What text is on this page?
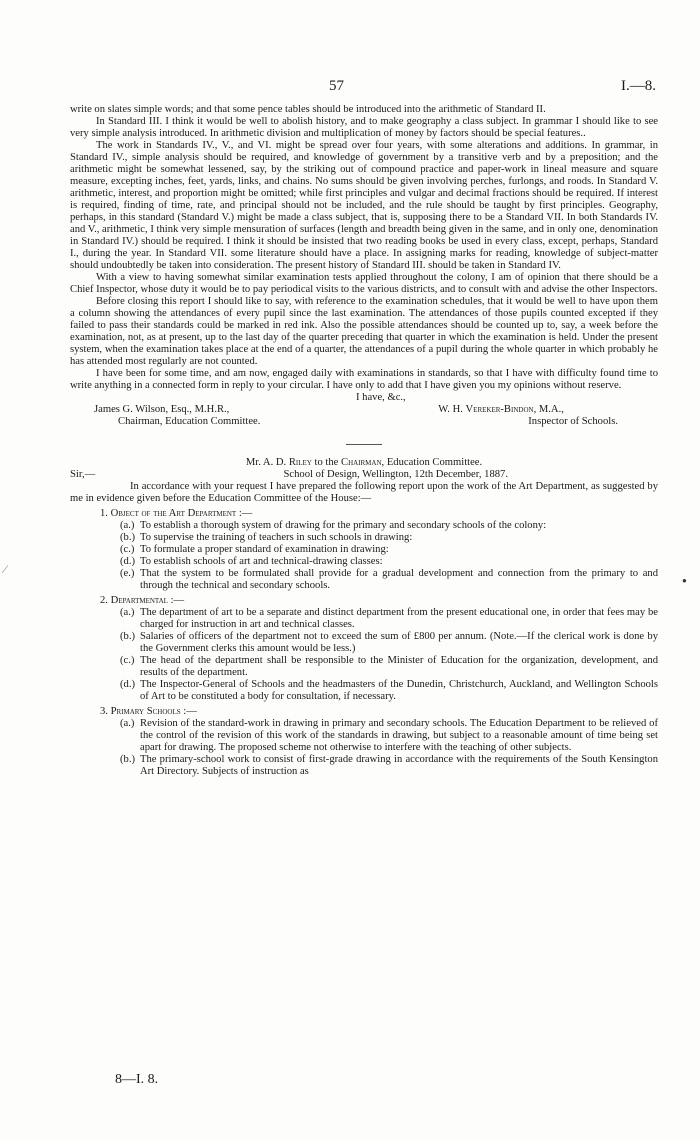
57	I.—8.

write on slates simple words; and that some pence tables should be introduced into the arithmetic of Standard II.

In Standard III. I think it would be well to abolish history, and to make geography a class subject. In grammar I should like to see very simple analysis introduced. In arithmetic division and multiplication of money by factors should be special features..

The work in Standards IV., V., and VI. might be spread over four years, with some alterations and additions. In grammar, in Standard IV., simple analysis should be required, and knowledge of government by a transitive verb and by a preposition; and the arithmetic might be somewhat lessened, say, by the striking out of compound practice and paper-work in lineal measure and square measure, excepting inches, feet, yards, links, and chains. No sums should be given involving perches, furlongs, and roods. In Standard V. arithmetic, interest, and proportion might be omitted; while first principles and vulgar and decimal fractions should be required. If interest is required, finding of time, rate, and principal should not be included, and the rule should be taught by first principles. Geography, perhaps, in this standard (Standard V.) might be made a class subject, that is, supposing there to be a Standard VII. In both Standards IV. and V., arithmetic, I think very simple mensuration of surfaces (length and breadth being given in the same, and in only one, denomination in Standard IV.) should be required. I think it should be insisted that two reading books be used in every class, except, perhaps, Standard I., during the year. In Standard VII. some literature should have a place. In assigning marks for reading, knowledge of subject-matter should undoubtedly be taken into consideration. The present history of Standard III. should be taken in Standard IV.

With a view to having somewhat similar examination tests applied throughout the colony, I am of opinion that there should be a Chief Inspector, whose duty it would be to pay periodical visits to the various districts, and to consult with and advise the other Inspectors.

Before closing this report I should like to say, with reference to the examination schedules, that it would be well to have upon them a column showing the attendances of every pupil since the last examination. The attendances of those pupils counted excepted if they failed to pass their standards could be marked in red ink. Also the possible attendances should be counted up to, say, a week before the examination, not, as at present, up to the last day of the quarter preceding that quarter in which the examination is held. Under the present system, when the examination takes place at the end of a quarter, the attendances of a pupil during the whole quarter in which probably he has attended most regularly are not counted.

I have been for some time, and am now, engaged daily with examinations in standards, so that I have with difficulty found time to write anything in a connected form in reply to your circular. I have only to add that I have given you my opinions without reserve.

I have, &c.,
James G. Wilson, Esq., M.H.R.,
Chairman, Education Committee.
W. H. Vereker-Bindon, M.A.,
Inspector of Schools.
Mr. A. D. Riley to the Chairman, Education Committee.
Sir,—	School of Design, Wellington, 12th December, 1887.

In accordance with your request I have prepared the following report upon the work of the Art Department, as suggested by me in evidence given before the Education Committee of the House:—

1. Object of the Art Department :—
(a.) To establish a thorough system of drawing for the primary and secondary schools of the colony:
(b.) To supervise the training of teachers in such schools in drawing:
(c.) To formulate a proper standard of examination in drawing:
(d.) To establish schools of art and technical-drawing classes:
(e.) That the system to be formulated shall provide for a gradual development and connection from the primary to and through the technical and secondary schools.
2. Departmental :—
(a.) The department of art to be a separate and distinct department from the present educational one, in order that fees may be charged for instruction in art and technical classes.
(b.) Salaries of officers of the department not to exceed the sum of £800 per annum. (Note.—If the clerical work is done by the Government clerks this amount would be less.)
(c.) The head of the department shall be responsible to the Minister of Education for the organization, development, and results of the department.
(d.) The Inspector-General of Schools and the headmasters of the Dunedin, Christchurch, Auckland, and Wellington Schools of Art to be constituted a body for consultation, if necessary.
3. Primary Schools :—
(a.) Revision of the standard-work in drawing in primary and secondary schools. The Education Department to be relieved of the control of the revision of this work of the standards in drawing, but subject to a reasonable amount of time being set apart for drawing. The proposed scheme not otherwise to interfere with the teaching of other subjects.
(b.) The primary-school work to consist of first-grade drawing in accordance with the requirements of the South Kensington Art Directory. Subjects of instruction as
8—I. 8.
⁄
●
